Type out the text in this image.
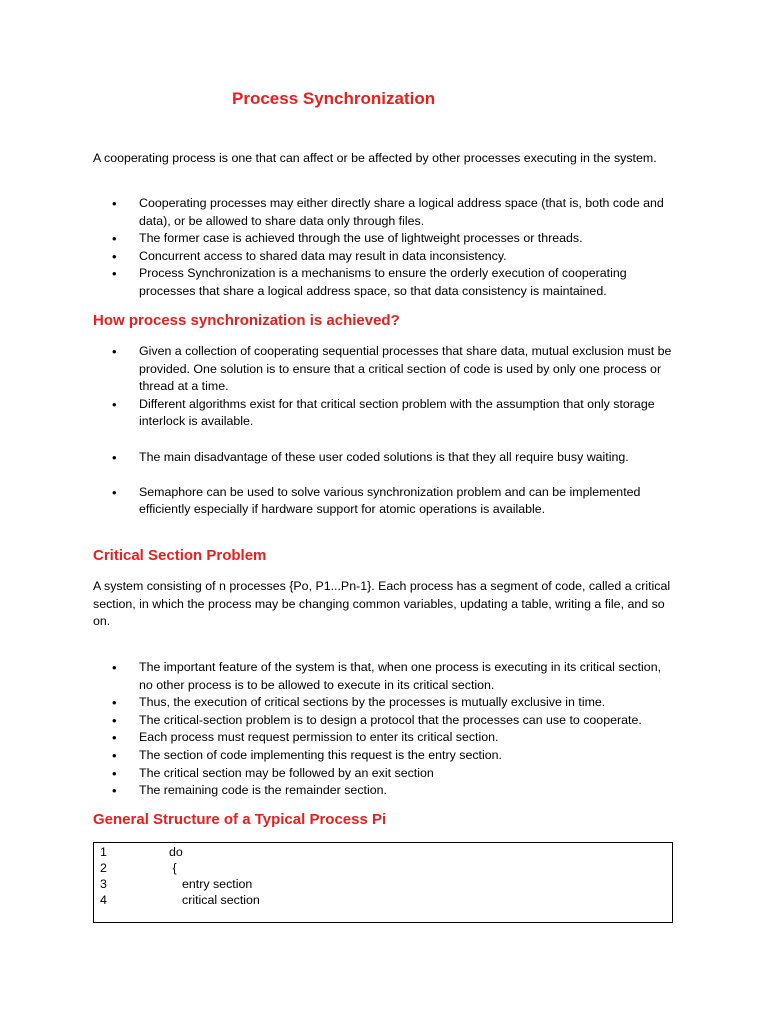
Process Synchronization

A cooperating process is one that can affect or be affected by other processes executing in the system.

• Cooperating processes may either directly share a logical address space (that is, both code and data), or be allowed to share data only through files.
• The former case is achieved through the use of lightweight processes or threads.
• Concurrent access to shared data may result in data inconsistency.
• Process Synchronization is a mechanisms to ensure the orderly execution of cooperating processes that share a logical address space, so that data consistency is maintained.
How process synchronization is achieved?
• Given a collection of cooperating sequential processes that share data, mutual exclusion must be provided. One solution is to ensure that a critical section of code is used by only one process or thread at a time.
• Different algorithms exist for that critical section problem with the assumption that only storage interlock is available.
• The main disadvantage of these user coded solutions is that they all require busy waiting.
• Semaphore can be used to solve various synchronization problem and can be implemented efficiently especially if hardware support for atomic operations is available.
Critical Section Problem

A system consisting of n processes {Po, P1...Pn-1}. Each process has a segment of code, called a critical section, in which the process may be changing common variables, updating a table, writing a file, and so on.

• The important feature of the system is that, when one process is executing in its critical section, no other process is to be allowed to execute in its critical section.
• Thus, the execution of critical sections by the processes is mutually exclusive in time.
• The critical-section problem is to design a protocol that the processes can use to cooperate.
• Each process must request permission to enter its critical section.
• The section of code implementing this request is the entry section.
• The critical section may be followed by an exit section
• The remaining code is the remainder section.
General Structure of a Typical Process Pi
1	do
2	{
3	entry section
4	critical section
